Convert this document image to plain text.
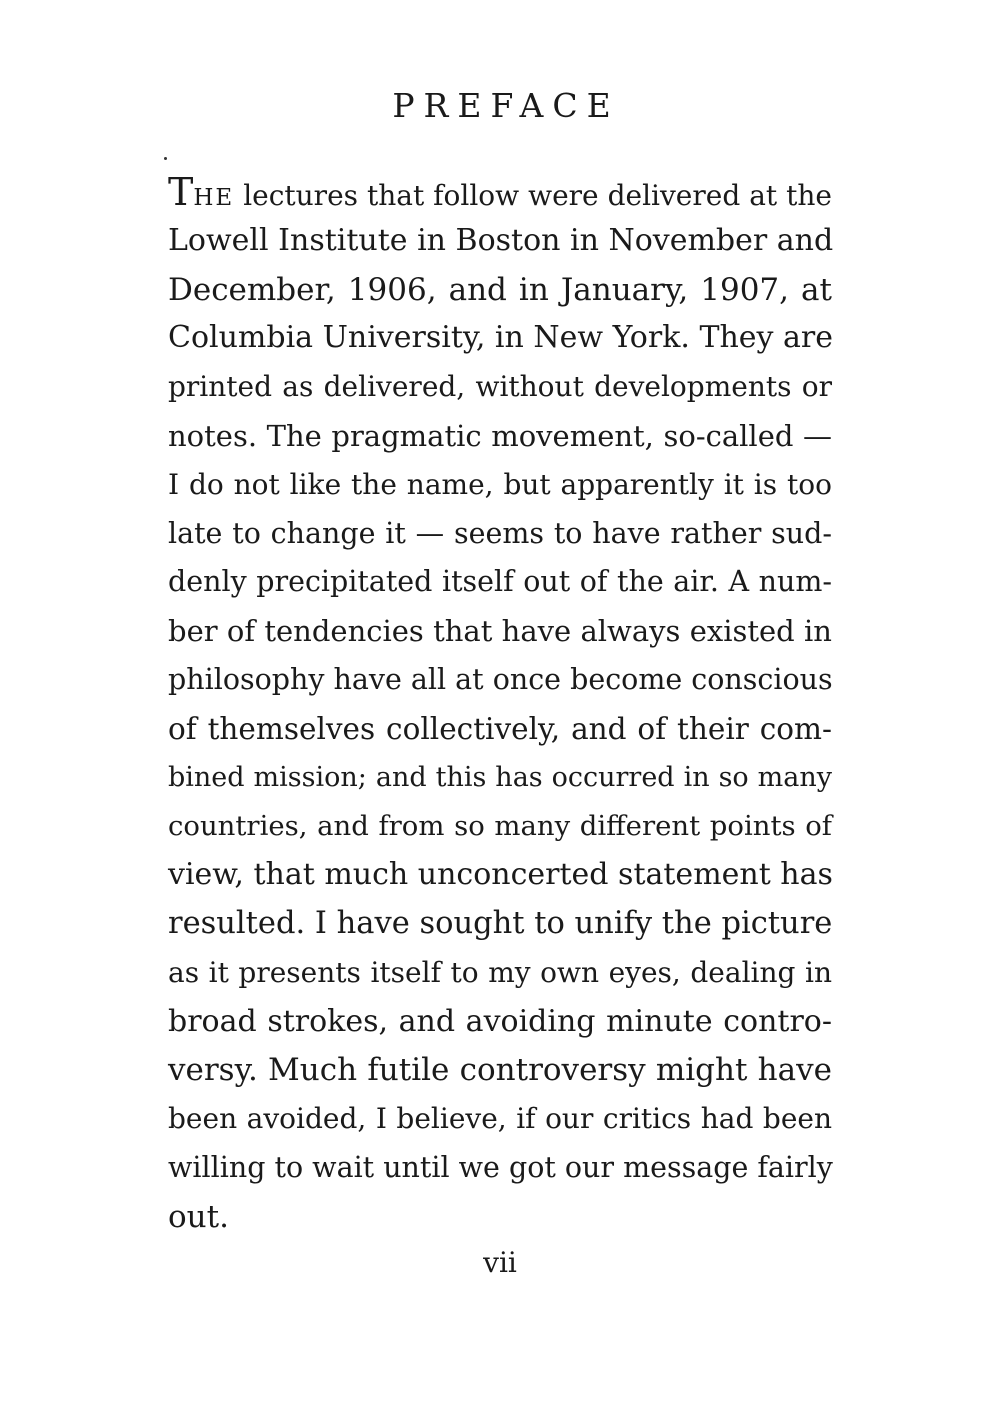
PREFACE
THE lectures that follow were delivered at the
Lowell Institute in Boston in November and
December, 1906, and in January, 1907, at
Columbia University, in New York. They are
printed as delivered, without developments or
notes. The pragmatic movement, so-called —
I do not like the name, but apparently it is too
late to change it — seems to have rather sud-
denly precipitated itself out of the air. A num-
ber of tendencies that have always existed in
philosophy have all at once become conscious
of themselves collectively, and of their com-
bined mission; and this has occurred in so many
countries, and from so many different points of
view, that much unconcerted statement has
resulted. I have sought to unify the picture
as it presents itself to my own eyes, dealing in
broad strokes, and avoiding minute contro-
versy. Much futile controversy might have
been avoided, I believe, if our critics had been
willing to wait until we got our message fairly
out.
vii
